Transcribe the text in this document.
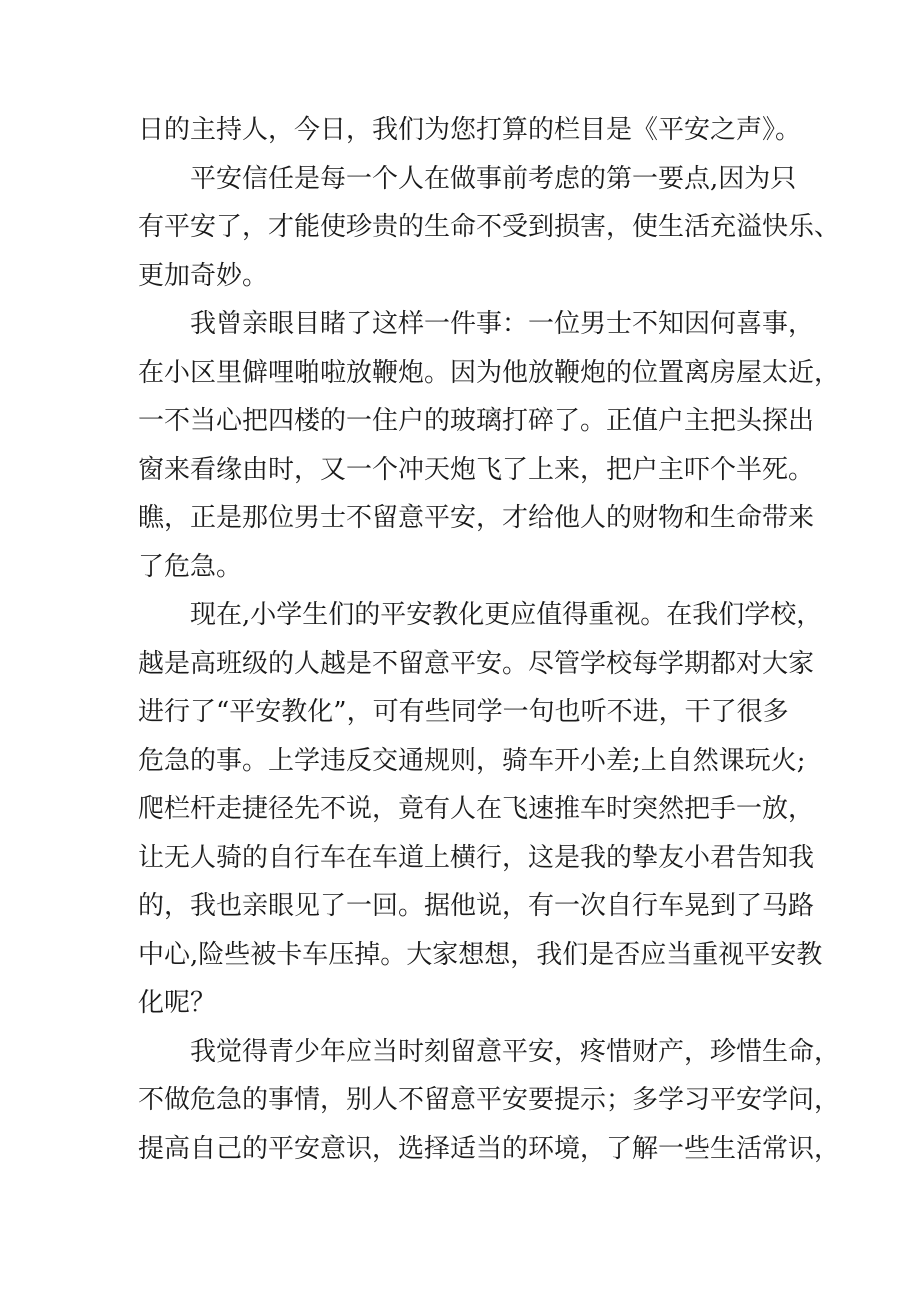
日的主持人，今日，我们为您打算的栏目是《平安之声》。
平安信任是每一个人在做事前考虑的第一要点,因为只
有平安了，才能使珍贵的生命不受到损害，使生活充溢快乐、
更加奇妙。
我曾亲眼目睹了这样一件事：一位男士不知因何喜事，
在小区里僻哩啪啦放鞭炮。因为他放鞭炮的位置离房屋太近，
一不当心把四楼的一住户的玻璃打碎了。正值户主把头探出
窗来看缘由时，又一个冲天炮飞了上来，把户主吓个半死。
瞧，正是那位男士不留意平安，才给他人的财物和生命带来
了危急。
现在,小学生们的平安教化更应值得重视。在我们学校，
越是高班级的人越是不留意平安。尽管学校每学期都对大家
进行了“平安教化”，可有些同学一句也听不进，干了很多
危急的事。上学违反交通规则，骑车开小差;上自然课玩火;
爬栏杆走捷径先不说，竟有人在飞速推车时突然把手一放，
让无人骑的自行车在车道上横行，这是我的挚友小君告知我
的，我也亲眼见了一回。据他说，有一次自行车晃到了马路
中心,险些被卡车压掉。大家想想，我们是否应当重视平安教
化呢？
我觉得青少年应当时刻留意平安，疼惜财产，珍惜生命，
不做危急的事情，别人不留意平安要提示；多学习平安学问，
提高自己的平安意识，选择适当的环境，了解一些生活常识，
